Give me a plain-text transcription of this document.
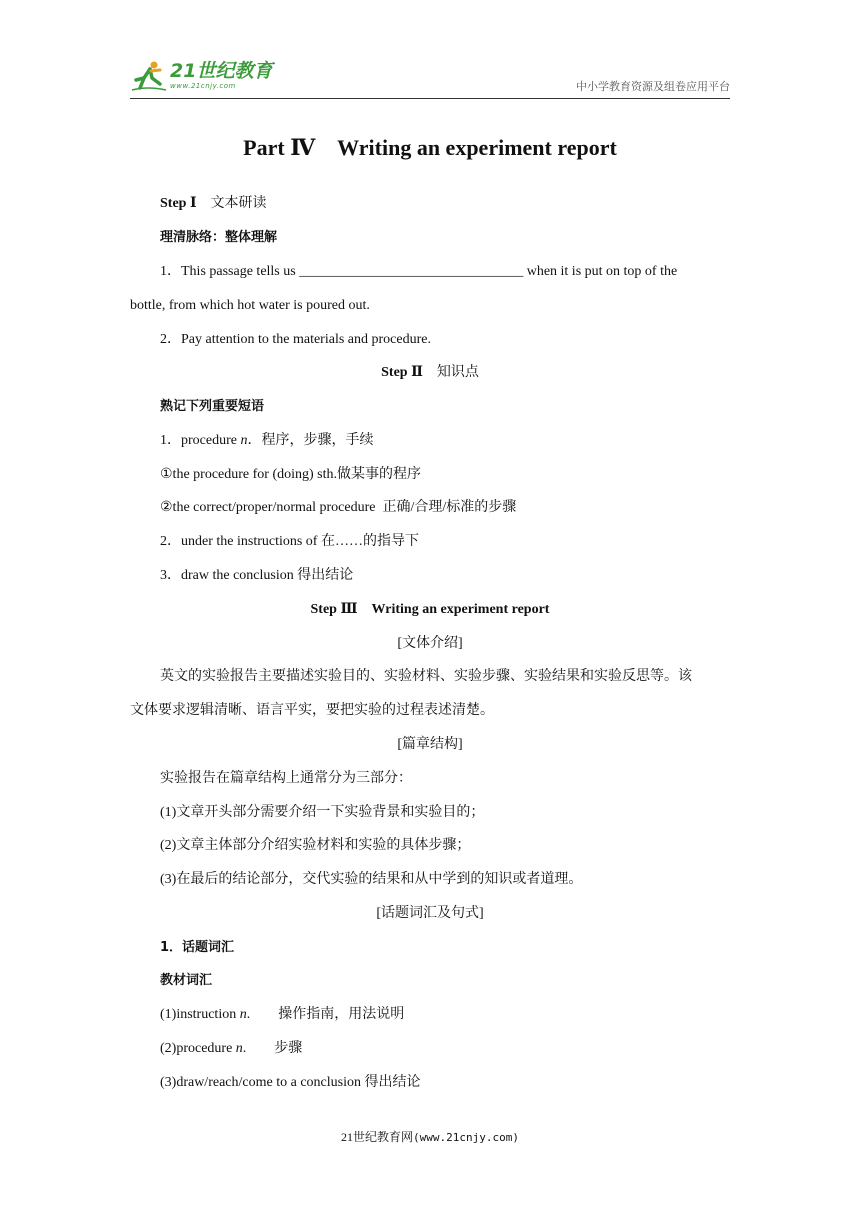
21世纪教育
www.21cnjy.com	中小学教育资源及组卷应用平台
Part Ⅳ　Writing an experiment report
Step Ⅰ　文本研读
理清脉络：整体理解
1．This passage tells us ________________________________ when it is put on top of the
bottle, from which hot water is poured out.
2．Pay attention to the materials and procedure.
Step Ⅱ　知识点
熟记下列重要短语
1．procedure n．程序，步骤，手续
①the procedure for (doing) sth.做某事的程序
②the correct/proper/normal procedure  正确/合理/标准的步骤
2．under the instructions of 在……的指导下
3．draw the conclusion 得出结论
Step Ⅲ　Writing an experiment report
[文体介绍]
英文的实验报告主要描述实验目的、实验材料、实验步骤、实验结果和实验反思等。该
文体要求逻辑清晰、语言平实，要把实验的过程表述清楚。
[篇章结构]
实验报告在篇章结构上通常分为三部分：
(1)文章开头部分需要介绍一下实验背景和实验目的；
(2)文章主体部分介绍实验材料和实验的具体步骤；
(3)在最后的结论部分，交代实验的结果和从中学到的知识或者道理。
[话题词汇及句式]
1．话题词汇
教材词汇
(1)instruction n.　　操作指南，用法说明
(2)procedure n.　　步骤
(3)draw/reach/come to a conclusion 得出结论
21世纪教育网(www.21cnjy.com)
